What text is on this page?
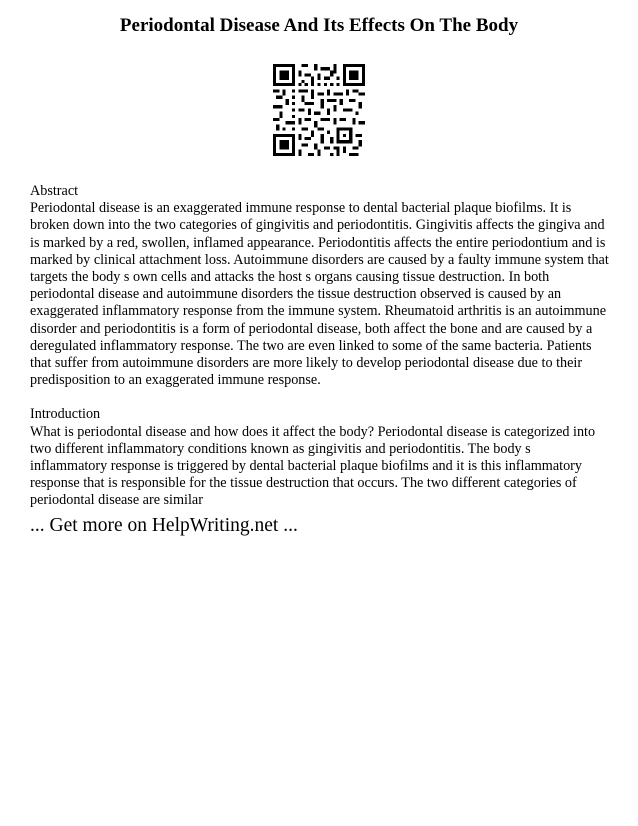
Periodontal Disease And Its Effects On The Body
Abstract
Periodontal disease is an exaggerated immune response to dental bacterial plaque biofilms. It is broken down into the two categories of gingivitis and periodontitis. Gingivitis affects the gingiva and is marked by a red, swollen, inflamed appearance. Periodontitis affects the entire periodontium and is marked by clinical attachment loss. Autoimmune disorders are caused by a faulty immune system that targets the body s own cells and attacks the host s organs causing tissue destruction. In both periodontal disease and autoimmune disorders the tissue destruction observed is caused by an exaggerated inflammatory response from the immune system. Rheumatoid arthritis is an autoimmune disorder and periodontitis is a form of periodontal disease, both affect the bone and are caused by a deregulated inflammatory response. The two are even linked to some of the same bacteria. Patients that suffer from autoimmune disorders are more likely to develop periodontal disease due to their predisposition to an exaggerated immune response.
Introduction
What is periodontal disease and how does it affect the body? Periodontal disease is categorized into two different inflammatory conditions known as gingivitis and periodontitis. The body s inflammatory response is triggered by dental bacterial plaque biofilms and it is this inflammatory response that is responsible for the tissue destruction that occurs. The two different categories of periodontal disease are similar
... Get more on HelpWriting.net ...
